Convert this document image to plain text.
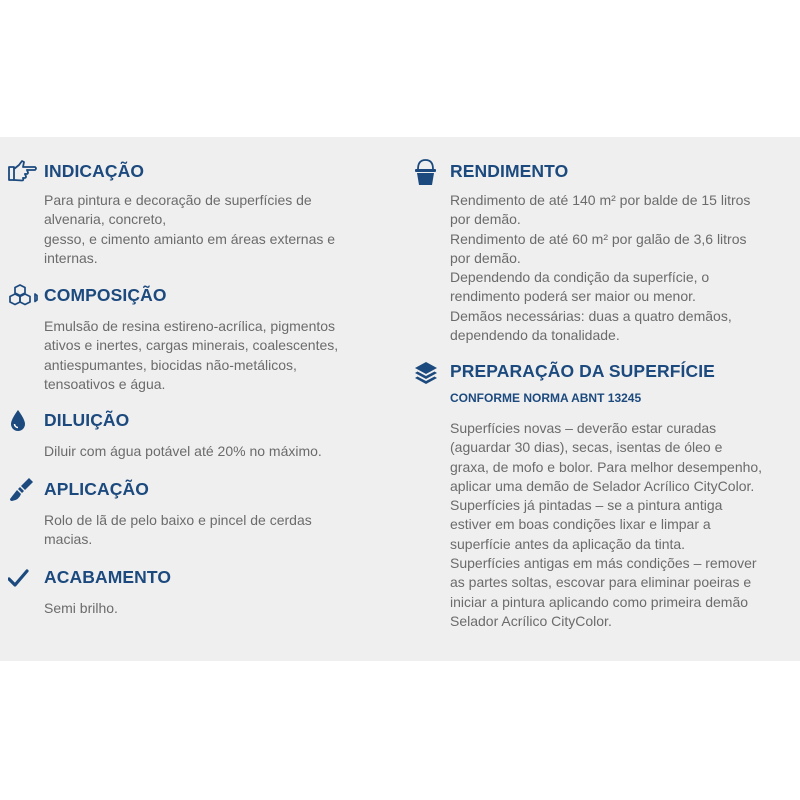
INDICAÇÃO
Para pintura e decoração de superfícies de
alvenaria, concreto,
gesso, e cimento amianto em áreas externas e
internas.
COMPOSIÇÃO
Emulsão de resina estireno-acrílica, pigmentos
ativos e inertes, cargas minerais, coalescentes,
antiespumantes, biocidas não-metálicos,
tensoativos e água.
DILUIÇÃO
Diluir com água potável até 20% no máximo.
APLICAÇÃO
Rolo de lã de pelo baixo e pincel de cerdas
macias.
ACABAMENTO
Semi brilho.
RENDIMENTO
Rendimento de até 140 m² por balde de 15 litros
por demão.
Rendimento de até 60 m² por galão de 3,6 litros
por demão.
Dependendo da condição da superfície, o
rendimento poderá ser maior ou menor.
Demãos necessárias: duas a quatro demãos,
dependendo da tonalidade.
PREPARAÇÃO DA SUPERFÍCIE
CONFORME NORMA ABNT 13245
Superfícies novas – deverão estar curadas
(aguardar 30 dias), secas, isentas de óleo e
graxa, de mofo e bolor. Para melhor desempenho,
aplicar uma demão de Selador Acrílico CityColor.
Superfícies já pintadas – se a pintura antiga
estiver em boas condições lixar e limpar a
superfície antes da aplicação da tinta.
Superfícies antigas em más condições – remover
as partes soltas, escovar para eliminar poeiras e
iniciar a pintura aplicando como primeira demão
Selador Acrílico CityColor.
